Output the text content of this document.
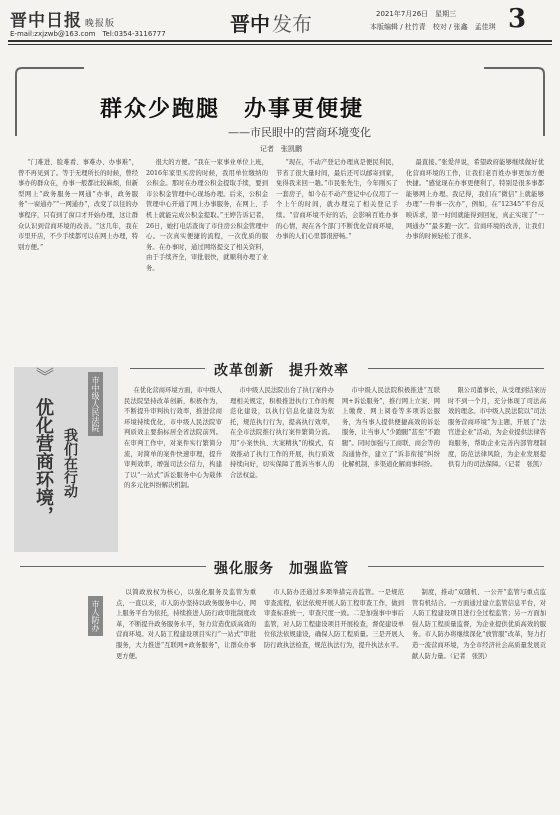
晋中日报 晚报版	晋中 发布	2021年7月26日　星期三
本版编辑 / 杜竹青　校对 / 张鑫　孟佳琪 3
E-mail:zxjzwb@163.com　Tel:0354-3116777
群众少跑腿　办事更便捷
——市民眼中的营商环境变化
记者　张凯鹏

“门难进、脸难看、事难办、办事难”，曾不再见到了。等于无理所长的时候，曾经事办的群众在，办事一般都比较麻烦，但新型网上“政务服务一网通”办事，政务服务“一窗通办”“一网通办”，改变了以往的办事程序，只有到了窗口才开始办理，这让群众认识到营商环境的改善。“这几年，我在市里开店，不少手续都可以在网上办理，特别方便。”

很大的方便。“我在一家事业单位上班，2016年家里买房的时候，我用单位缴纳的公积金。那时在办理公积金提取手续，要到市公积金管理中心现场办理。后来，公积金管理中心开通了网上办事服务，在网上、手机上就能完成公积金提取。”王婷告诉记者，26日，她打电话查询了市住房公积金管理中心。一次真实便捷的流程，一次优质的服务。在办事时，通过网络提交了相关资料，由于手续齐全，审批很快，就顺利办理了业务。

“现在，不动产登记办理真是便民利民，节省了很大量时间，最后还可以邮寄到家，免得我来回一趟。”市民张先生，今年刚买了一套房子，如今在不动产登记中心仅用了一个上午的时间，就办理完了相关登记手续。“营商环境不好的话，会影响百姓办事的心情，现在各个部门不断优化营商环境，办事的人们心里都很舒畅。”

最直接。”张爱萍说，希望政府能够继续做好优化营商环境的工作，让我们老百姓办事更加方便快捷。“感觉现在办事更便利了，特别是很多事都能够网上办理。我记得，我们在“微信”上就能够办理“一件事一次办”，例如，在“12345”平台反映诉求，第一时间就能得到回复，真正实现了“一网通办”“最多跑一次”。营商环境的改善，让我们办事的时候轻松了很多。

改革创新　提升效率
︾
优化营商环境， 我们在行动
市中级人民法院	在优化营商环境方面，市中级人民法院坚持改革创新，积极作为，不断提升审判执行效率，推进营商环境持续优化，市中级人民法院审判质效主要指标居全省法院前列。在审判工作中，对案件实行繁简分流，对简单的案件快速审理，提升审判效率，增强司法公信力，构建了以“一站式”诉讼服务中心为载体的多元化纠纷解决机制。

市中级人民法院出台了执行案件办理相关规定，积极推进执行工作的规范化建设，以执行信息化建设为依托，规范执行行为，提高执行效率，在全市法院推行执行案件繁简分流。用“小案快执、大案精执”的模式，有效推动了执行工作的开展，执行质效持续向好，切实保障了胜诉当事人的合法权益。

市中级人民法院积极推进“互联网+诉讼服务”，推行网上立案、网上缴费、网上阅卷等多项诉讼服务，为当事人提供便捷高效的诉讼服务，让当事人“少跑腿”甚至“不跑腿”。同时加强与工商联、商会等的沟通协作，建立了“诉非衔接”纠纷化解机制，多渠道化解商事纠纷。

限公司董事长，从受理到结案历时不到一个月，充分体现了司法高效的理念。市中级人民法院以“司法服务营商环境”为主题，开展了“法官进企业”活动，为企业提供法律咨询服务，帮助企业完善内部管理制度，防范法律风险，为企业发展提供有力的司法保障。（记者　张凯）

强化服务　加强监管
市人防办

以简政放权为核心，以强化服务及监管为重点，一直以来，市人防办坚持以政务服务中心、网上服务平台为依托，持续推进人防行政审批制度改革，不断提升政务服务水平，努力营造优质高效的营商环境。对人防工程建设项目实行“一站式”审批服务，大力推进“互联网+政务服务”，让群众办事更方便。

市人防办还通过多项举措完善监管。一是规范审查流程，依法依规开展人防工程审查工作，做到审查标准统一、审查尺度一致。二是加强事中事后监管，对人防工程建设项目开展检查，督促建设单位依法依规建设，确保人防工程质量。三是开展人防行政执法检查，规范执法行为，提升执法水平。

制度，推动“双随机、一公开”监管与重点监管有机结合。一方面通过建立监管信息平台，对人防工程建设项目进行全过程监管；另一方面加强人防工程质量监督，为企业提供优质高效的服务。市人防办将继续深化“放管服”改革，努力打造一流营商环境，为全市经济社会高质量发展贡献人防力量。（记者　张凯）
